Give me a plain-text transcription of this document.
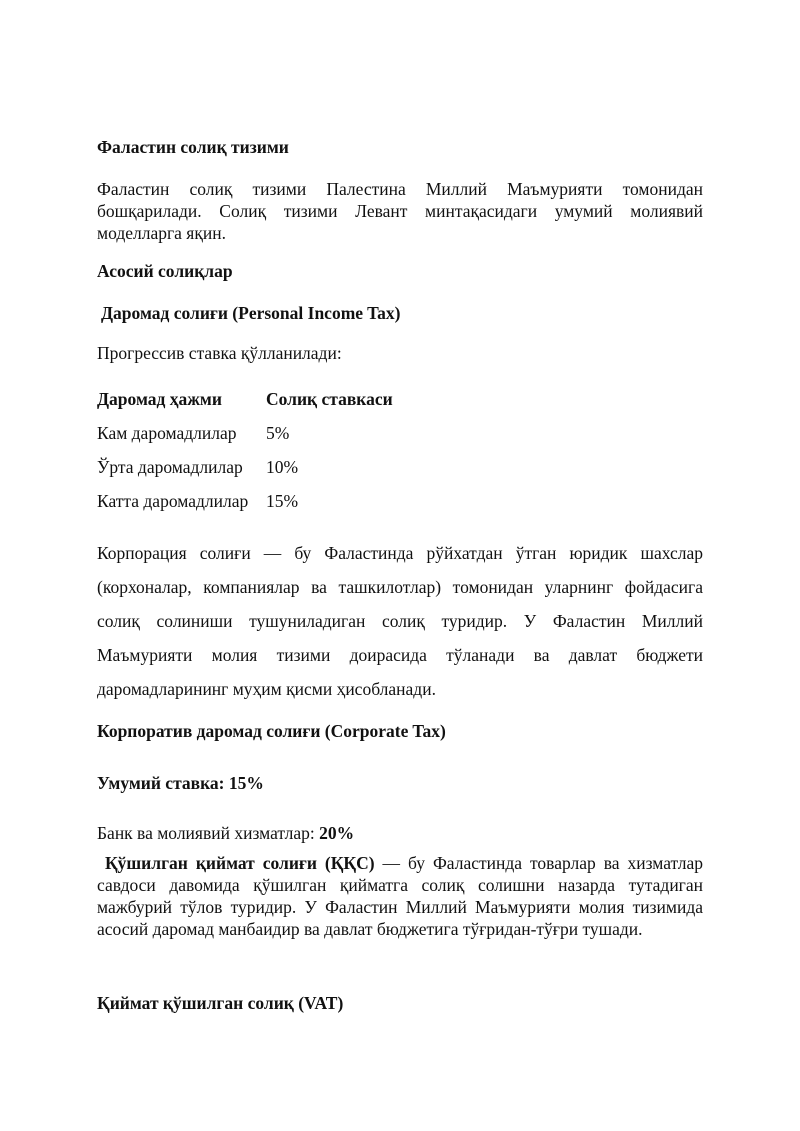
Фаластин солиқ тизими

Фаластин солиқ тизими Палестина Миллий Маъмурияти томонидан бошқарилади. Солиқ тизими Левант минтақасидаги умумий молиявий моделларга яқин.

Асосий солиқлар

Даромад солиғи (Personal Income Tax)

Прогрессив ставка қўлланилади:

Даромад ҳажми	Солиқ ставкаси
Кам даромадлилар	5%
Ўрта даромадлилар	10%
Катта даромадлилар	15%

Корпорация солиғи — бу Фаластинда рўйхатдан ўтган юридик шахслар (корхоналар, компаниялар ва ташкилотлар) томонидан уларнинг фойдасига солиқ солиниши тушуниладиган солиқ туридир. У Фаластин Миллий Маъмурияти молия тизими доирасида тўланади ва давлат бюджети даромадларининг муҳим қисми ҳисобланади.

Корпоратив даромад солиғи (Corporate Tax)

Умумий ставка: 15%

Банк ва молиявий хизматлар: 20%

Қўшилган қиймат солиғи (ҚҚС) — бу Фаластинда товарлар ва хизматлар савдоси давомида қўшилган қийматга солиқ солишни назарда тутадиган мажбурий тўлов туридир. У Фаластин Миллий Маъмурияти молия тизимида асосий даромад манбаидир ва давлат бюджетига тўғридан-тўғри тушади.

Қиймат қўшилган солиқ (VAT)
